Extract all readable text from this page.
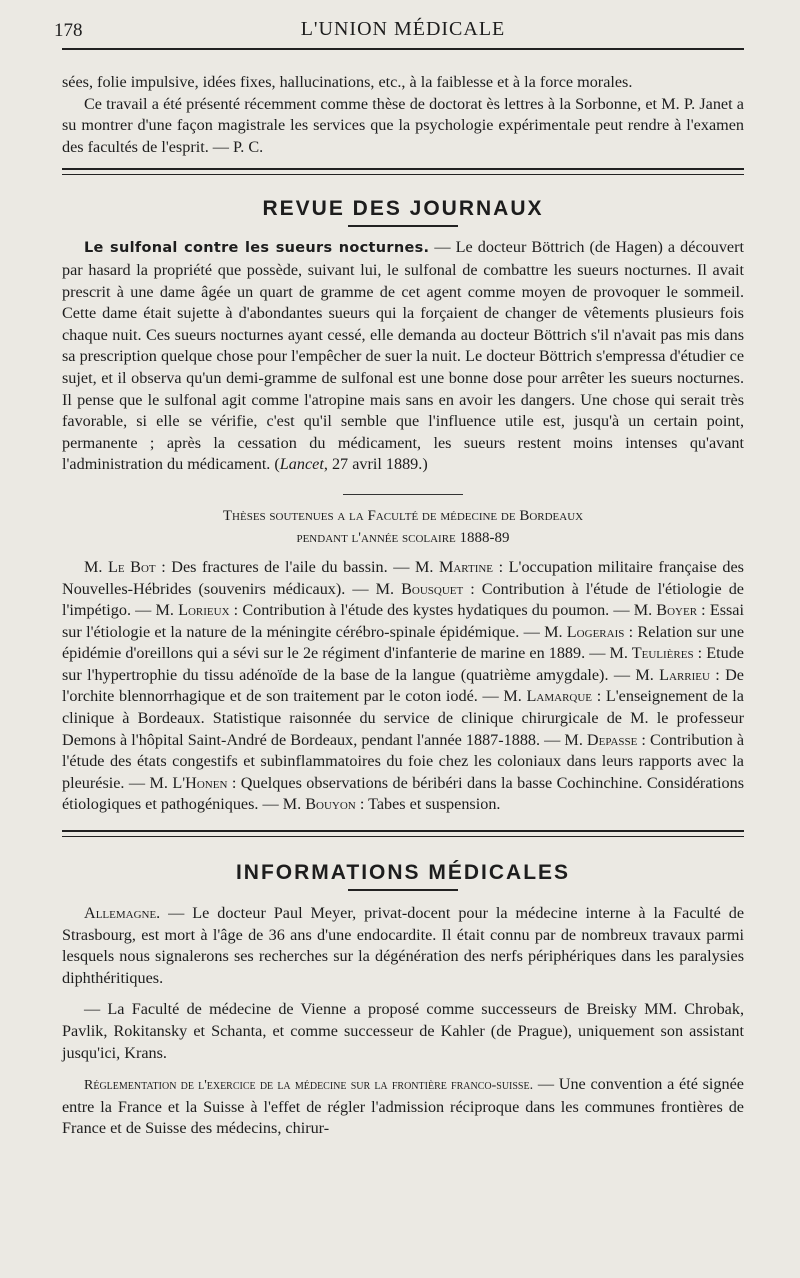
178	L'UNION MÉDICALE

sées, folie impulsive, idées fixes, hallucinations, etc., à la faiblesse et à la force morales.

Ce travail a été présenté récemment comme thèse de doctorat ès lettres à la Sorbonne, et M. P. Janet a su montrer d'une façon magistrale les services que la psychologie expérimentale peut rendre à l'examen des facultés de l'esprit. — P. C.

REVUE DES JOURNAUX

Le sulfonal contre les sueurs nocturnes. — Le docteur Böttrich (de Hagen) a découvert par hasard la propriété que possède, suivant lui, le sulfonal de combattre les sueurs nocturnes. Il avait prescrit à une dame âgée un quart de gramme de cet agent comme moyen de provoquer le sommeil. Cette dame était sujette à d'abondantes sueurs qui la forçaient de changer de vêtements plusieurs fois chaque nuit. Ces sueurs nocturnes ayant cessé, elle demanda au docteur Böttrich s'il n'avait pas mis dans sa prescription quelque chose pour l'empêcher de suer la nuit. Le docteur Böttrich s'empressa d'étudier ce sujet, et il observa qu'un demi-gramme de sulfonal est une bonne dose pour arrêter les sueurs nocturnes. Il pense que le sulfonal agit comme l'atropine mais sans en avoir les dangers. Une chose qui serait très favorable, si elle se vérifie, c'est qu'il semble que l'influence utile est, jusqu'à un certain point, permanente ; après la cessation du médicament, les sueurs restent moins intenses qu'avant l'administration du médicament. (Lancet, 27 avril 1889.)

Thèses soutenues a la Faculté de médecine de Bordeaux
pendant l'année scolaire 1888-89

M. Le Bot : Des fractures de l'aile du bassin. — M. Martine : L'occupation militaire française des Nouvelles-Hébrides (souvenirs médicaux). — M. Bousquet : Contribution à l'étude de l'étiologie de l'impétigo. — M. Lorieux : Contribution à l'étude des kystes hydatiques du poumon. — M. Boyer : Essai sur l'étiologie et la nature de la méningite cérébro-spinale épidémique. — M. Logerais : Relation sur une épidémie d'oreillons qui a sévi sur le 2e régiment d'infanterie de marine en 1889. — M. Teulières : Etude sur l'hypertrophie du tissu adénoïde de la base de la langue (quatrième amygdale). — M. Larrieu : De l'orchite blennorrhagique et de son traitement par le coton iodé. — M. Lamarque : L'enseignement de la clinique à Bordeaux. Statistique raisonnée du service de clinique chirurgicale de M. le professeur Demons à l'hôpital Saint-André de Bordeaux, pendant l'année 1887-1888. — M. Depasse : Contribution à l'étude des états congestifs et subinflammatoires du foie chez les coloniaux dans leurs rapports avec la pleurésie. — M. L'Honen : Quelques observations de béribéri dans la basse Cochinchine. Considérations étiologiques et pathogéniques. — M. Bouyon : Tabes et suspension.

INFORMATIONS MÉDICALES

Allemagne. — Le docteur Paul Meyer, privat-docent pour la médecine interne à la Faculté de Strasbourg, est mort à l'âge de 36 ans d'une endocardite. Il était connu par de nombreux travaux parmi lesquels nous signalerons ses recherches sur la dégénération des nerfs périphériques dans les paralysies diphthéritiques.

— La Faculté de médecine de Vienne a proposé comme successeurs de Breisky MM. Chrobak, Pavlik, Rokitansky et Schanta, et comme successeur de Kahler (de Prague), uniquement son assistant jusqu'ici, Krans.

Réglementation de l'exercice de la médecine sur la frontière franco-suisse. — Une convention a été signée entre la France et la Suisse à l'effet de régler l'admission réciproque dans les communes frontières de France et de Suisse des médecins, chirur-
